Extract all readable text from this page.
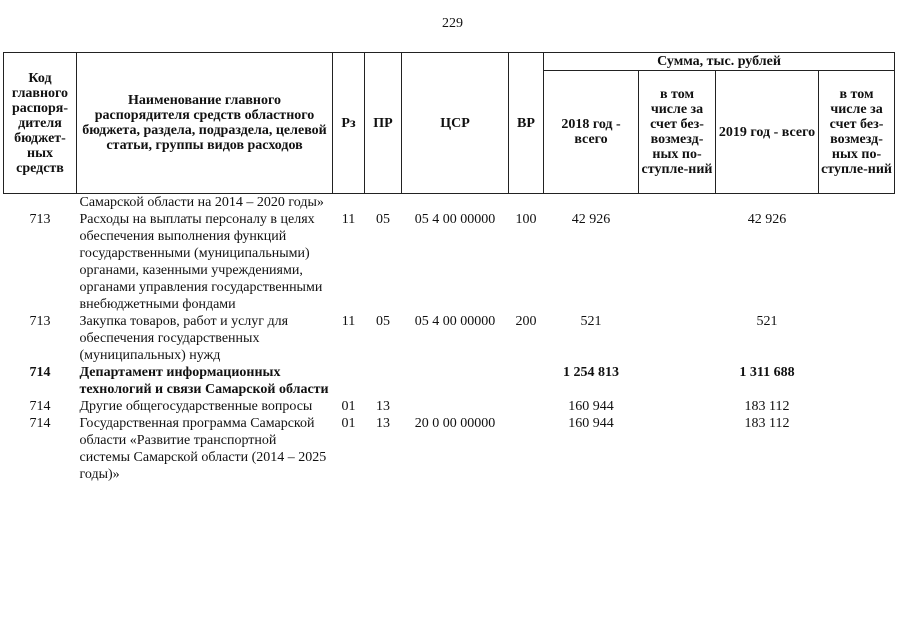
229
Код главного распоря-дителя бюджет-ных средств	Наименование главного распорядителя средств областного бюджета, раздела, подраздела, целевой статьи, группы видов расходов	Рз	ПР	ЦСР	ВР	Сумма, тыс. рублей			
						2018 год - всего	в том числе за счет без-возмезд-ных по-ступле-ний	2019 год - всего	в том числе за счет без-возмезд-ных по-ступле-ний
	Самарской области на 2014 – 2020 годы»								
713	Расходы на выплаты персоналу в целях обеспечения выполнения функций государственными (муниципальными) органами, казенными учреждениями, органами управления государственными внебюджетными фондами	11	05	05 4 00 00000	100	42 926		42 926	
713	Закупка товаров, работ и услуг для обеспечения государственных (муниципальных) нужд	11	05	05 4 00 00000	200	521		521	
714	Департамент информационных технологий и связи Самарской области					1 254 813		1 311 688	
714	Другие общегосударственные вопросы	01	13			160 944		183 112	
714	Государственная программа Самарской области «Развитие транспортной системы Самарской области (2014 – 2025 годы)»	01	13	20 0 00 00000		160 944		183 112	
